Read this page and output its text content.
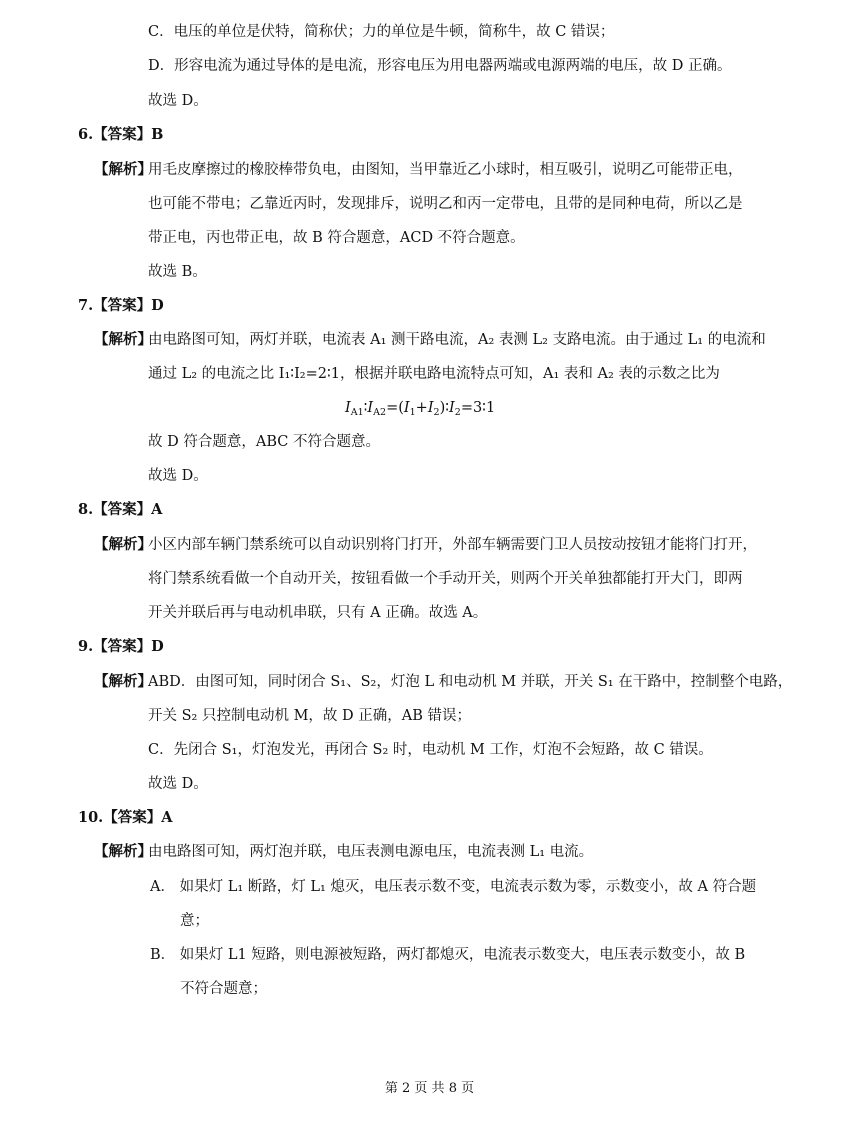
C．电压的单位是伏特，简称伏；力的单位是牛顿，简称牛，故 C 错误；
D．形容电流为通过导体的是电流，形容电压为用电器两端或电源两端的电压，故 D 正确。
故选 D。
6.【答案】B
【解析】
用毛皮摩擦过的橡胶棒带负电，由图知，当甲靠近乙小球时，相互吸引，说明乙可能带正电，
也可能不带电；乙靠近丙时，发现排斥，说明乙和丙一定带电，且带的是同种电荷，所以乙是
带正电，丙也带正电，故 B 符合题意，ACD 不符合题意。
故选 B。
7.【答案】D
【解析】
由电路图可知，两灯并联，电流表 A₁ 测干路电流，A₂ 表测 L₂ 支路电流。由于通过 L₁ 的电流和
通过 L₂ 的电流之比 I₁∶I₂=2∶1，根据并联电路电流特点可知，A₁ 表和 A₂ 表的示数之比为
$I_{A1}∶I_{A2}=(I_1+I_2)∶I_2=3∶1$
故 D 符合题意，ABC 不符合题意。
故选 D。
8.【答案】A
【解析】
小区内部车辆门禁系统可以自动识别将门打开，外部车辆需要门卫人员按动按钮才能将门打开，
将门禁系统看做一个自动开关，按钮看做一个手动开关，则两个开关单独都能打开大门，即两
开关并联后再与电动机串联，只有 A 正确。故选 A。
9.【答案】D
【解析】
ABD．由图可知，同时闭合 S₁、S₂，灯泡 L 和电动机 M 并联，开关 S₁ 在干路中，控制整个电路，
开关 S₂ 只控制电动机 M，故 D 正确，AB 错误；
C．先闭合 S₁，灯泡发光，再闭合 S₂ 时，电动机 M 工作，灯泡不会短路，故 C 错误。
故选 D。
10.【答案】A
【解析】
由电路图可知，两灯泡并联，电压表测电源电压，电流表测 L₁ 电流。
A． 如果灯 L₁ 断路，灯 L₁ 熄灭，电压表示数不变，电流表示数为零，示数变小，故 A 符合题
意；
B． 如果灯 L1 短路，则电源被短路，两灯都熄灭，电流表示数变大，电压表示数变小，故 B
不符合题意；
第 2 页 共 8 页
